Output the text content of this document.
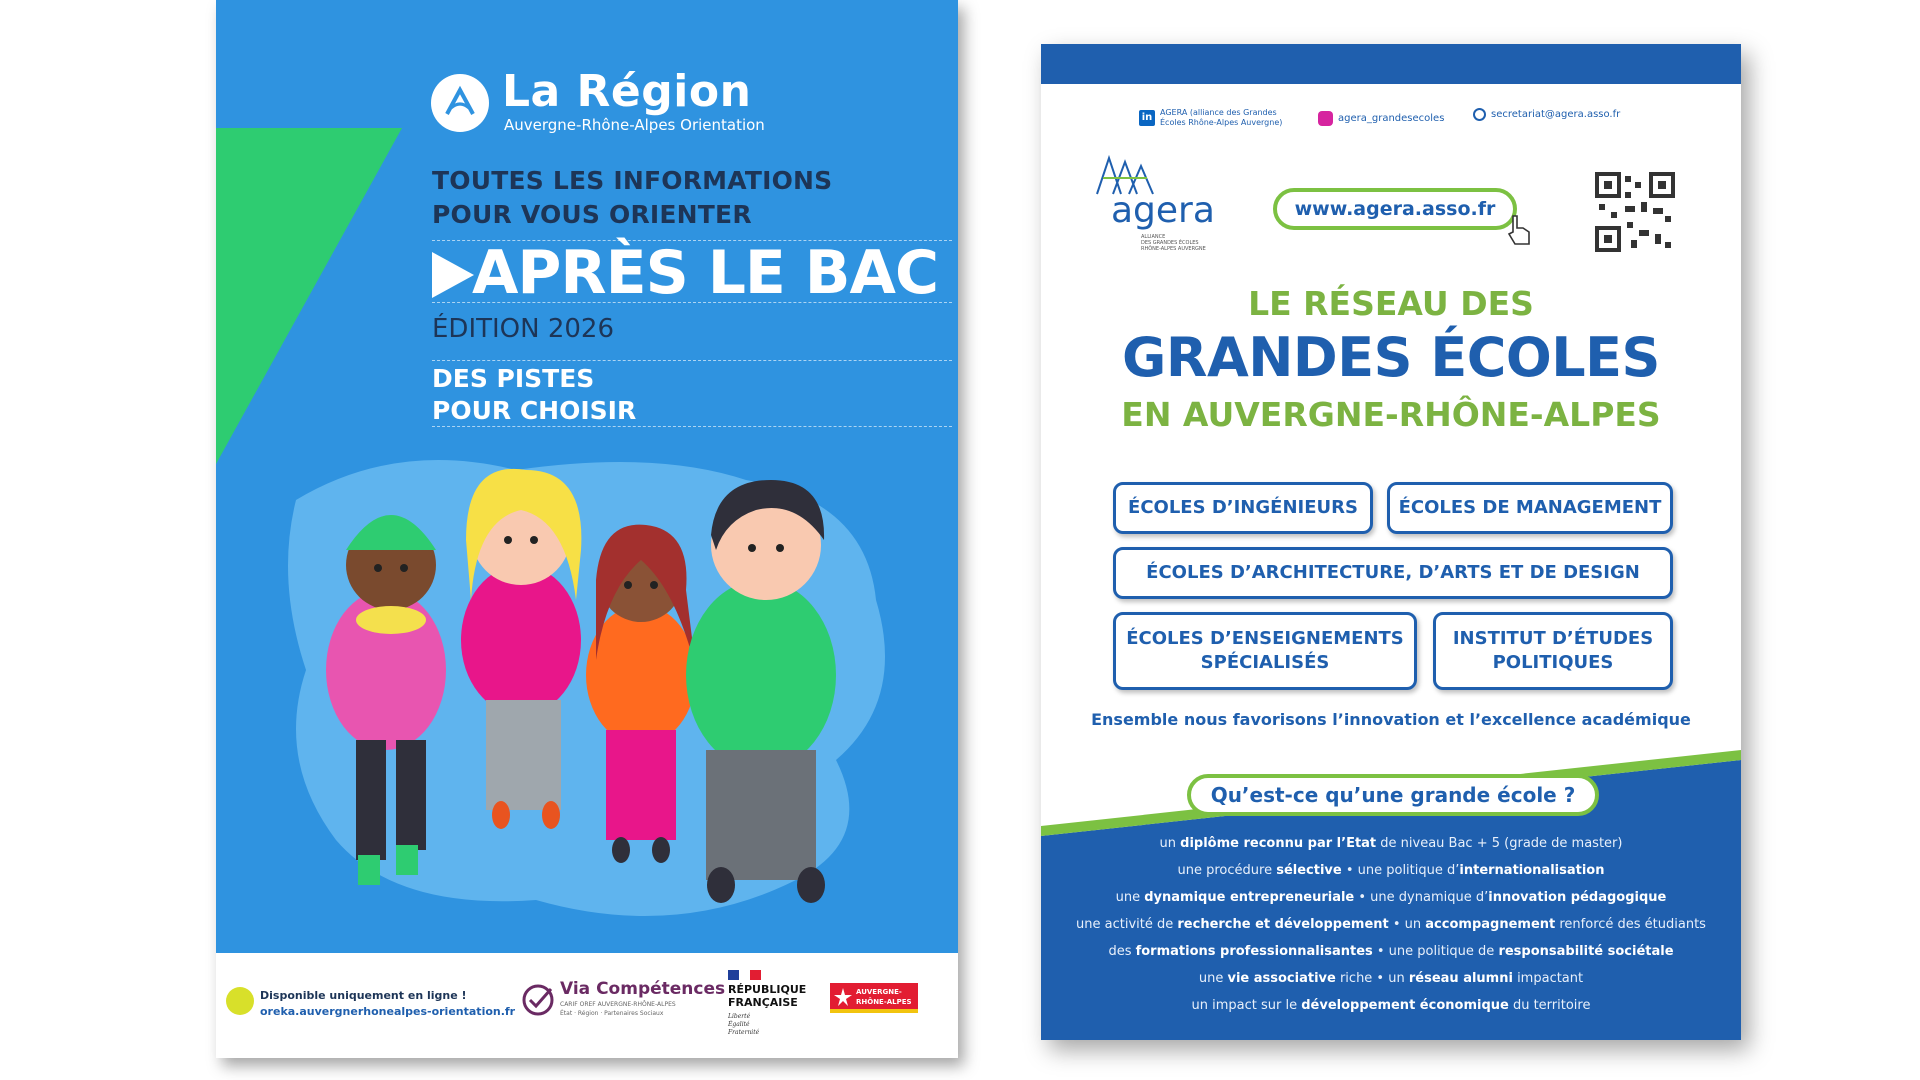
La Région
Auvergne-Rhône-Alpes Orientation
TOUTES LES INFORMATIONS
POUR VOUS ORIENTER
APRÈS LE BAC
ÉDITION 2026
DES PISTES
POUR CHOISIR
Disponible uniquement en ligne !
oreka.auvergnerhonealpes-orientation.fr
Via Compétences
CARIF OREF AUVERGNE-RHÔNE-ALPES
État · Région · Partenaires Sociaux
RÉPUBLIQUE
FRANÇAISE
Liberté
Égalité
Fraternité
AUVERGNE-
RHÔNE-ALPES
in AGERA (alliance des Grandes
Écoles Rhône-Alpes Auvergne)	agera_grandesecoles	secretariat@agera.asso.fr
agera
ALLIANCE
DES GRANDES ÉCOLES
RHÔNE-ALPES AUVERGNE
www.agera.asso.fr
LE RÉSEAU DES
GRANDES ÉCOLES
EN AUVERGNE-RHÔNE-ALPES
ÉCOLES D’INGÉNIEURS ÉCOLES DE MANAGEMENT
ÉCOLES D’ARCHITECTURE, D’ARTS ET DE DESIGN
ÉCOLES D’ENSEIGNEMENTS
SPÉCIALISÉS
INSTITUT D’ÉTUDES
POLITIQUES
Ensemble nous favorisons l’innovation et l’excellence académique
Qu’est-ce qu’une grande école ?
un diplôme reconnu par l’Etat de niveau Bac + 5 (grade de master)
une procédure sélective • une politique d’internationalisation
une dynamique entrepreneuriale • une dynamique d’innovation pédagogique
une activité de recherche et développement • un accompagnement renforcé des étudiants
des formations professionnalisantes • une politique de responsabilité sociétale
une vie associative riche • un réseau alumni impactant
un impact sur le développement économique du territoire
